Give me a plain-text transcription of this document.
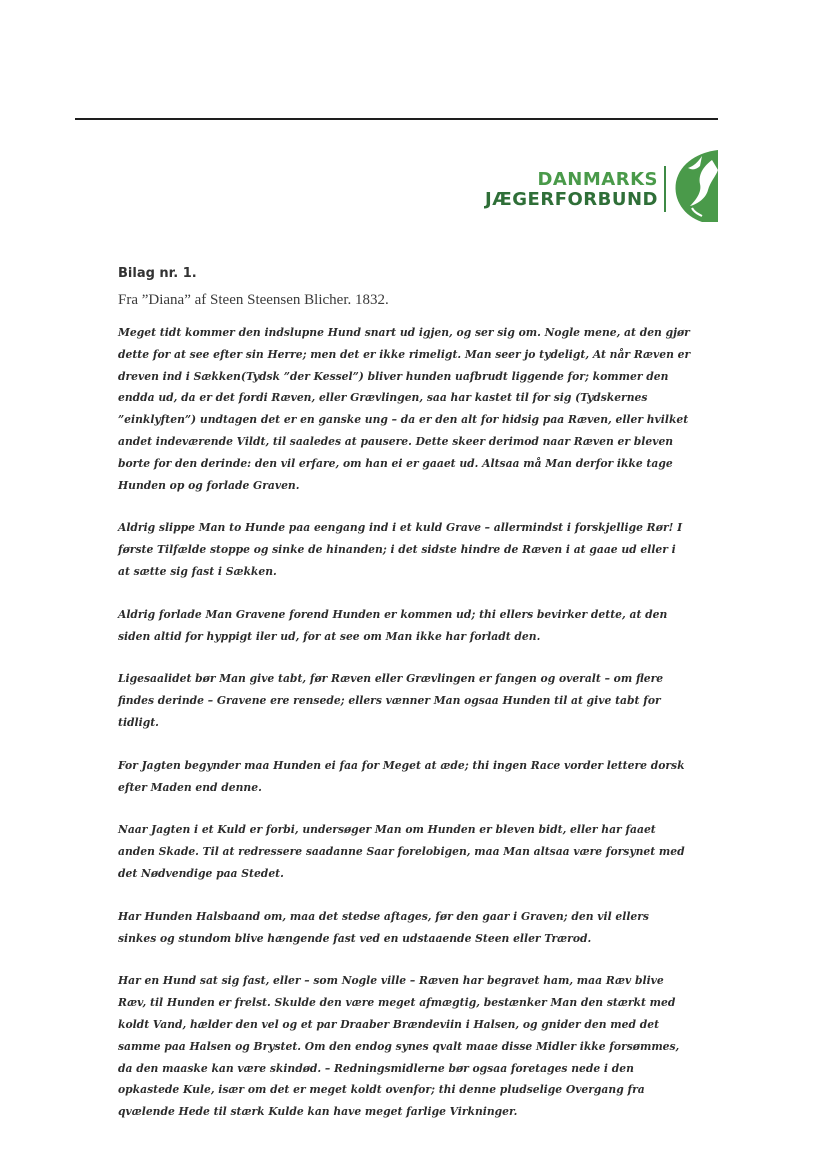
DANMARKS
JÆGERFORBUND
Bilag nr. 1.
Fra ”Diana” af Steen Steensen Blicher. 1832.

Meget tidt kommer den indslupne Hund snart ud igjen, og ser sig om. Nogle mene, at den gjør dette for at see efter sin Herre; men det er ikke rimeligt. Man seer jo tydeligt, At når Ræven er dreven ind i Sækken(Tydsk ”der Kessel”) bliver hunden uafbrudt liggende for; kommer den endda ud, da er det fordi Ræven, eller Grævlingen, saa har kastet til for sig (Tydskernes ”einklyften”) undtagen det er en ganske ung – da er den alt for hidsig paa Ræven, eller hvilket andet indeværende Vildt, til saaledes at pausere. Dette skeer derimod naar Ræven er bleven borte for den derinde: den vil erfare, om han ei er gaaet ud. Altsaa må Man derfor ikke tage Hunden op og forlade Graven.

Aldrig slippe Man to Hunde paa eengang ind i et kuld Grave – allermindst i forskjellige Rør! I første Tilfælde stoppe og sinke de hinanden; i det sidste hindre de Ræven i at gaae ud eller i at sætte sig fast i Sækken.

Aldrig forlade Man Gravene forend Hunden er kommen ud; thi ellers bevirker dette, at den siden altid for hyppigt iler ud, for at see om Man ikke har forladt den.

Ligesaalidet bør Man give tabt, før Ræven eller Grævlingen er fangen og overalt – om flere findes derinde – Gravene ere rensede; ellers vænner Man ogsaa Hunden til at give tabt for tidligt.

For Jagten begynder maa Hunden ei faa for Meget at æde; thi ingen Race vorder lettere dorsk efter Maden end denne.

Naar Jagten i et Kuld er forbi, undersøger Man om Hunden er bleven bidt, eller har faaet anden Skade. Til at redressere saadanne Saar forelobigen, maa Man altsaa være forsynet med det Nødvendige paa Stedet.

Har Hunden Halsbaand om, maa det stedse aftages, før den gaar i Graven; den vil ellers sinkes og stundom blive hængende fast ved en udstaaende Steen eller Trærod.

Har en Hund sat sig fast, eller – som Nogle ville – Ræven har begravet ham, maa Ræv blive Ræv, til Hunden er frelst. Skulde den være meget afmægtig, bestænker Man den stærkt med koldt Vand, hælder den vel og et par Draaber Brændeviin i Halsen, og gnider den med det samme paa Halsen og Brystet. Om den endog synes qvalt maae disse Midler ikke forsømmes, da den maaske kan være skindød. – Redningsmidlerne bør ogsaa foretages nede i den opkastede Kule, især om det er meget koldt ovenfor; thi denne pludselige Overgang fra qvælende Hede til stærk Kulde kan have meget farlige Virkninger.
